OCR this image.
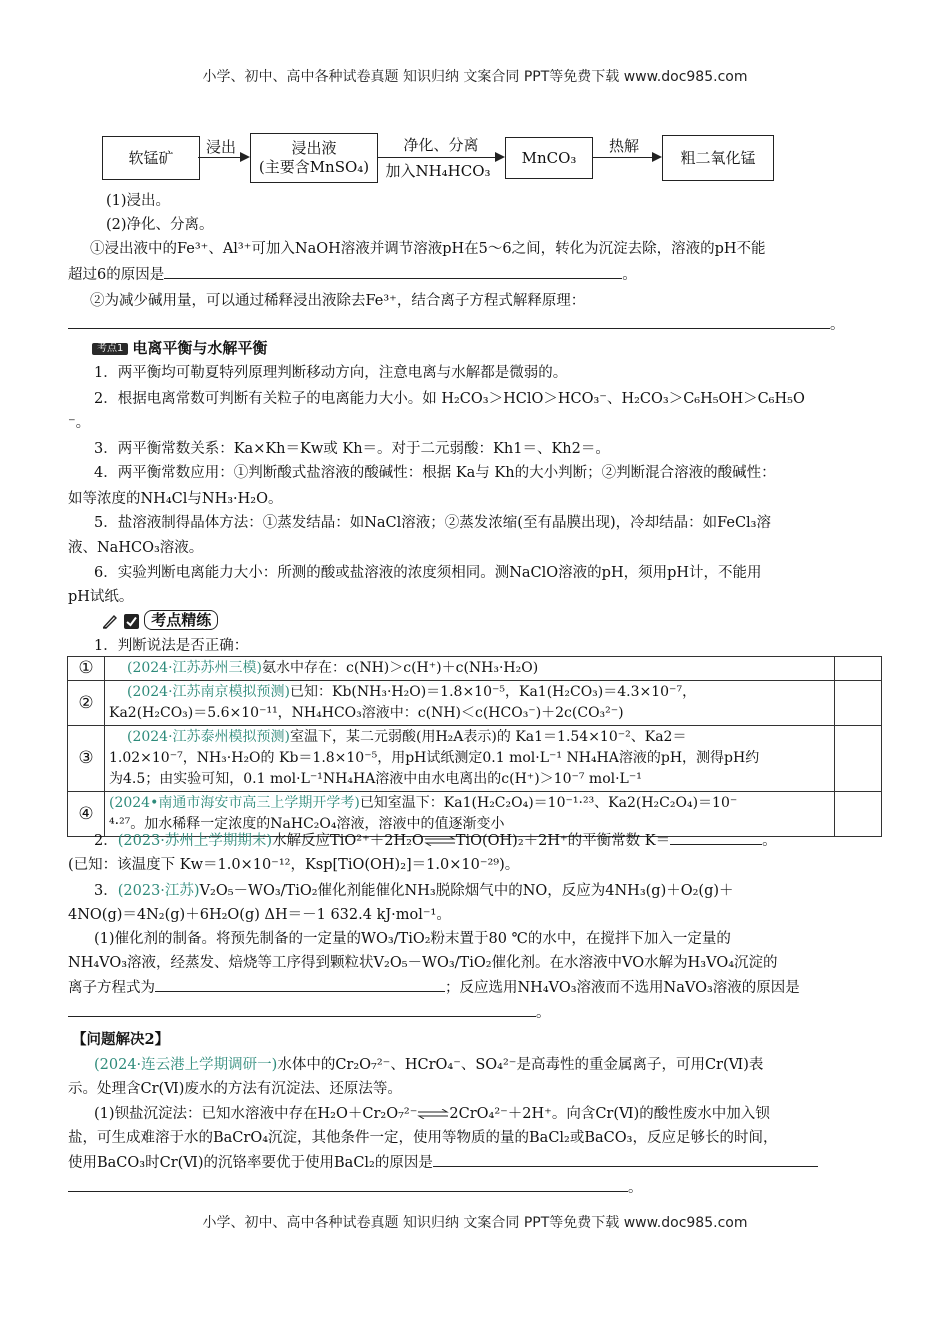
小学、初中、高中各种试卷真题 知识归纳 文案合同 PPT等免费下载 www.doc985.com
软锰矿
浸出	浸出液
(主要含MnSO₄)
净化、分离
加入NH₄HCO₃
MnCO₃
热解
粗二氧化锰
(1)浸出。
(2)净化、分离。
①浸出液中的Fe³⁺、Al³⁺可加入NaOH溶液并调节溶液pH在5～6之间，转化为沉淀去除，溶液的pH不能
超过6的原因是	。
②为减少碱用量，可以通过稀释浸出液除去Fe³⁺，结合离子方程式解释原理：
。
考点1 电离平衡与水解平衡
1．两平衡均可勒夏特列原理判断移动方向，注意电离与水解都是微弱的。
2．根据电离常数可判断有关粒子的电离能力大小。如 H₂CO₃＞HClO＞HCO₃⁻、H₂CO₃＞C₆H₅OH＞C₆H₅O
⁻。
3．两平衡常数关系：Ka×Kh＝Kw或 Kh＝。对于二元弱酸：Kh1＝、Kh2＝。
4．两平衡常数应用：①判断酸式盐溶液的酸碱性：根据 Ka与 Kh的大小判断；②判断混合溶液的酸碱性：
如等浓度的NH₄Cl与NH₃·H₂O。
5．盐溶液制得晶体方法：①蒸发结晶：如NaCl溶液；②蒸发浓缩(至有晶膜出现)，冷却结晶：如FeCl₃溶
液、NaHCO₃溶液。
6．实验判断电离能力大小：所测的酸或盐溶液的浓度须相同。测NaClO溶液的pH，须用pH计，不能用
pH试纸。
考点精练
1．判断说法是否正确：
①	(2024·江苏苏州三模)氨水中存在：c(NH)＞c(H⁺)＋c(NH₃·H₂O)	
②	(2024·江苏南京模拟预测)已知：Kb(NH₃·H₂O)＝1.8×10⁻⁵，Ka1(H₂CO₃)＝4.3×10⁻⁷，
Ka2(H₂CO₃)＝5.6×10⁻¹¹，NH₄HCO₃溶液中：c(NH)＜c(HCO₃⁻)＋2c(CO₃²⁻)	
③	(2024·江苏泰州模拟预测)室温下，某二元弱酸(用H₂A表示)的 Ka1＝1.54×10⁻²、Ka2＝
1.02×10⁻⁷，NH₃·H₂O的 Kb＝1.8×10⁻⁵，用pH试纸测定0.1 mol·L⁻¹ NH₄HA溶液的pH，测得pH约
为4.5；由实验可知，0.1 mol·L⁻¹NH₄HA溶液中由水电离出的c(H⁺)＞10⁻⁷ mol·L⁻¹	
④	(2024•南通市海安市高三上学期开学考)已知室温下：Ka1(H₂C₂O₄)＝10⁻¹·²³、Ka2(H₂C₂O₄)＝10⁻
⁴·²⁷。加水稀释一定浓度的NaHC₂O₄溶液，溶液中的值逐渐变小	
2．(2023·苏州上学期期末)水解反应TiO²⁺＋2H₂O⇌TiO(OH)₂＋2H⁺的平衡常数 K＝	。
(已知：该温度下 Kw＝1.0×10⁻¹²，Ksp[TiO(OH)₂]＝1.0×10⁻²⁹)。
3．(2023·江苏)V₂O₅－WO₃/TiO₂催化剂能催化NH₃脱除烟气中的NO，反应为4NH₃(g)＋O₂(g)＋
4NO(g)＝4N₂(g)＋6H₂O(g) ΔH＝－1 632.4 kJ·mol⁻¹。
(1)催化剂的制备。将预先制备的一定量的WO₃/TiO₂粉末置于80 ℃的水中，在搅拌下加入一定量的
NH₄VO₃溶液，经蒸发、焙烧等工序得到颗粒状V₂O₅－WO₃/TiO₂催化剂。在水溶液中VO水解为H₃VO₄沉淀的
离子方程式为	；反应选用NH₄VO₃溶液而不选用NaVO₃溶液的原因是
。
【问题解决2】
(2024·连云港上学期调研一)水体中的Cr₂O₇²⁻、HCrO₄⁻、SO₄²⁻是高毒性的重金属离子，可用Cr(Ⅵ)表
示。处理含Cr(Ⅵ)废水的方法有沉淀法、还原法等。
(1)钡盐沉淀法：已知水溶液中存在H₂O＋Cr₂O₇²⁻⇌2CrO₄²⁻＋2H⁺。向含Cr(Ⅵ)的酸性废水中加入钡
盐，可生成难溶于水的BaCrO₄沉淀，其他条件一定，使用等物质的量的BaCl₂或BaCO₃，反应足够长的时间，
使用BaCO₃时Cr(Ⅵ)的沉铬率要优于使用BaCl₂的原因是
。
小学、初中、高中各种试卷真题 知识归纳 文案合同 PPT等免费下载 www.doc985.com
